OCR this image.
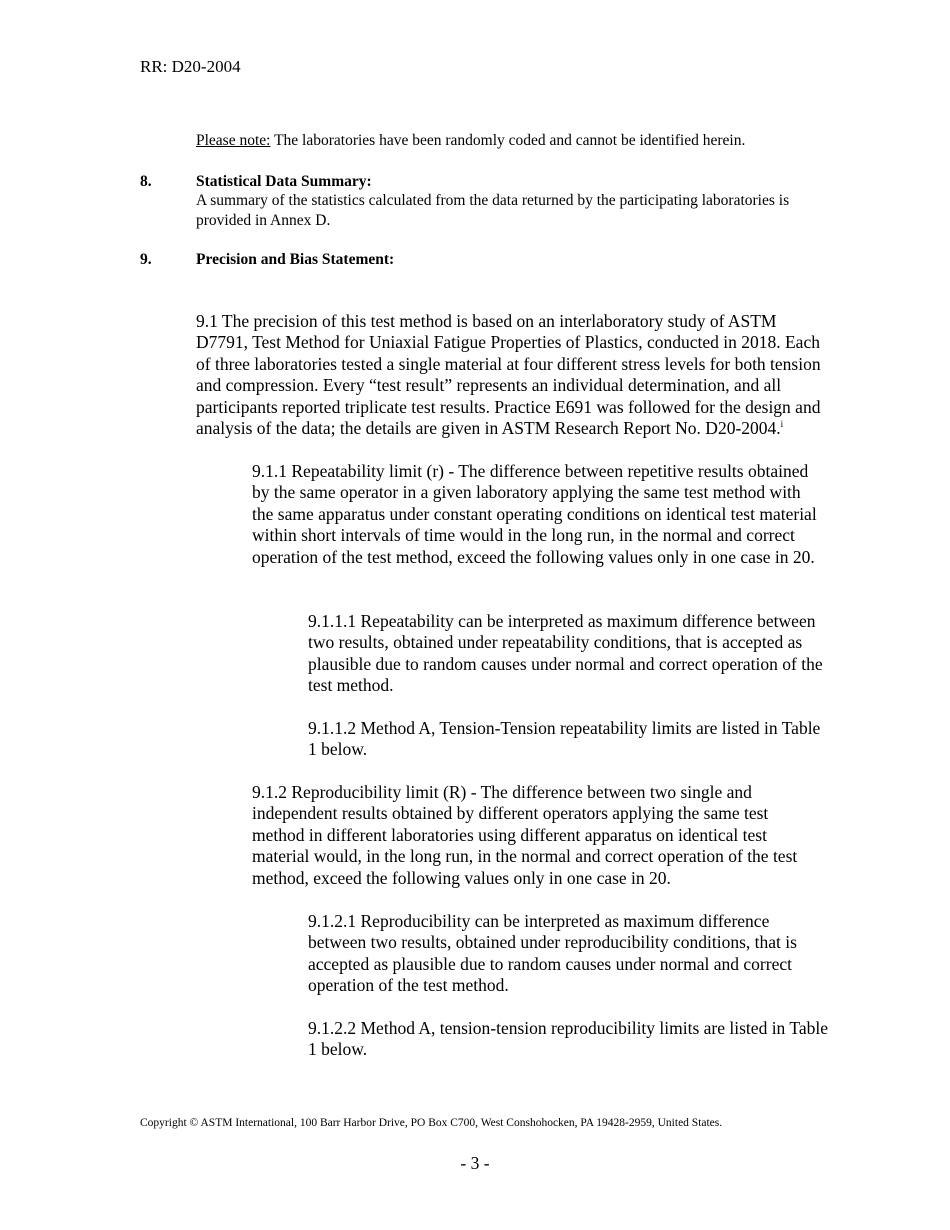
RR: D20-2004
Please note: The laboratories have been randomly coded and cannot be identified herein.
8.	Statistical Data Summary:
A summary of the statistics calculated from the data returned by the participating laboratories is provided in Annex D.
9.	Precision and Bias Statement:
9.1 The precision of this test method is based on an interlaboratory study of ASTM D7791, Test Method for Uniaxial Fatigue Properties of Plastics, conducted in 2018. Each of three laboratories tested a single material at four different stress levels for both tension and compression. Every “test result” represents an individual determination, and all participants reported triplicate test results. Practice E691 was followed for the design and analysis of the data; the details are given in ASTM Research Report No. D20-2004.$^i$
9.1.1 Repeatability limit (r) - The difference between repetitive results obtained by the same operator in a given laboratory applying the same test method with the same apparatus under constant operating conditions on identical test material within short intervals of time would in the long run, in the normal and correct operation of the test method, exceed the following values only in one case in 20.
9.1.1.1 Repeatability can be interpreted as maximum difference between two results, obtained under repeatability conditions, that is accepted as plausible due to random causes under normal and correct operation of the test method.
9.1.1.2 Method A, Tension-Tension repeatability limits are listed in Table 1 below.
9.1.2 Reproducibility limit (R) - The difference between two single and independent results obtained by different operators applying the same test method in different laboratories using different apparatus on identical test material would, in the long run, in the normal and correct operation of the test method, exceed the following values only in one case in 20.
9.1.2.1 Reproducibility can be interpreted as maximum difference between two results, obtained under reproducibility conditions, that is accepted as plausible due to random causes under normal and correct operation of the test method.
9.1.2.2 Method A, tension-tension reproducibility limits are listed in Table 1 below.
Copyright © ASTM International, 100 Barr Harbor Drive, PO Box C700, West Conshohocken, PA 19428-2959, United States.
- 3 -
